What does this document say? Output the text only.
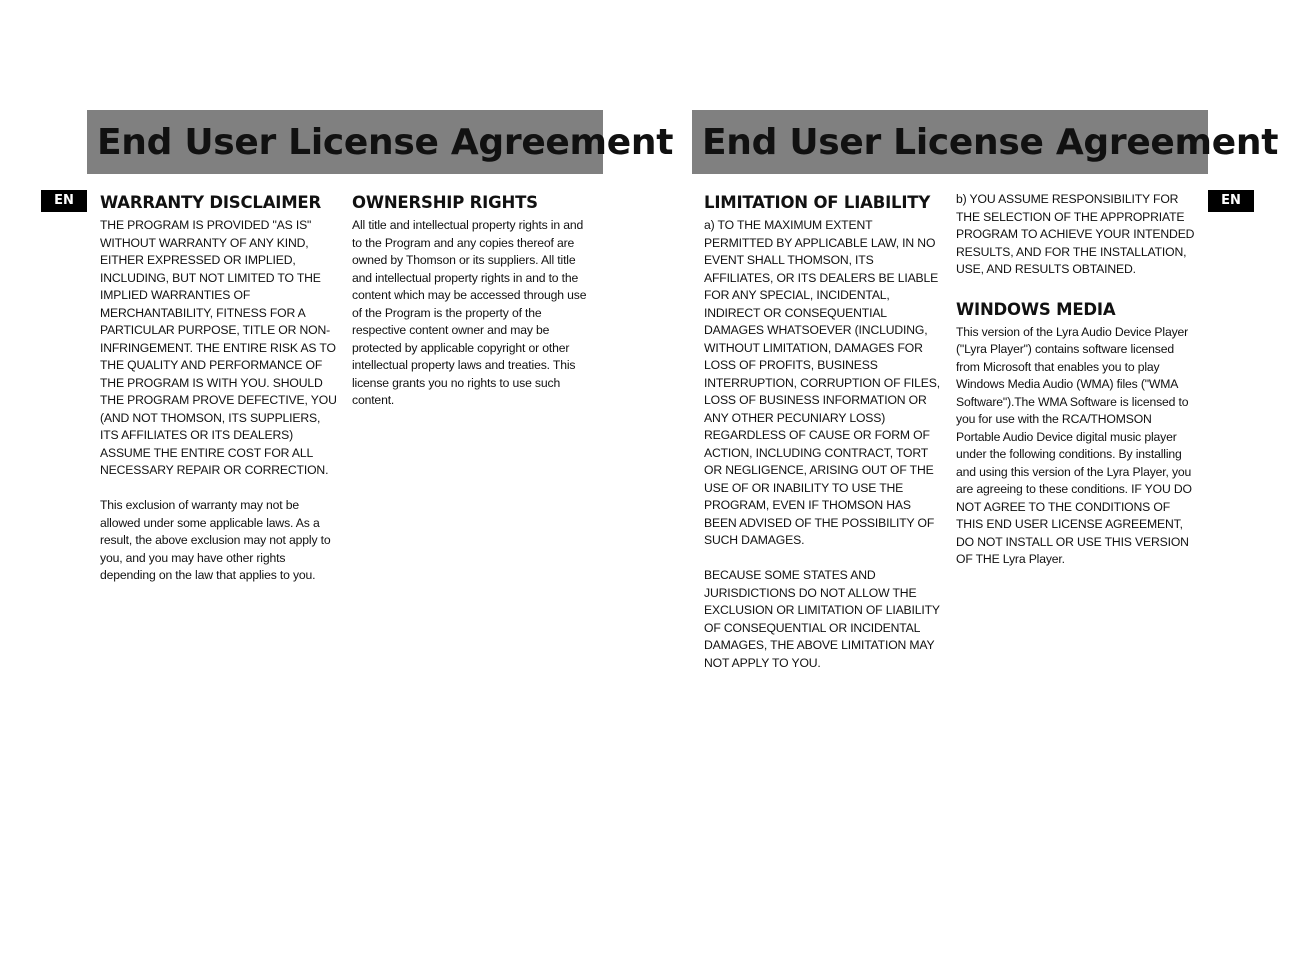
End User License Agreement End User License Agreement
EN	EN
WARRANTY DISCLAIMER

THE PROGRAM IS PROVIDED "AS IS" WITHOUT WARRANTY OF ANY KIND, EITHER EXPRESSED OR IMPLIED, INCLUDING, BUT NOT LIMITED TO THE IMPLIED WARRANTIES OF MERCHANTABILITY, FITNESS FOR A PARTICULAR PURPOSE, TITLE OR NON-INFRINGEMENT. THE ENTIRE RISK AS TO THE QUALITY AND PERFORMANCE OF THE PROGRAM IS WITH YOU. SHOULD THE PROGRAM PROVE DEFECTIVE, YOU (AND NOT THOMSON, ITS SUPPLIERS, ITS AFFILIATES OR ITS DEALERS) ASSUME THE ENTIRE COST FOR ALL NECESSARY REPAIR OR CORRECTION.

This exclusion of warranty may not be allowed under some applicable laws. As a result, the above exclusion may not apply to you, and you may have other rights depending on the law that applies to you.

OWNERSHIP RIGHTS

All title and intellectual property rights in and to the Program and any copies thereof are owned by Thomson or its suppliers. All title and intellectual property rights in and to the content which may be accessed through use of the Program is the property of the respective content owner and may be protected by applicable copyright or other intellectual property laws and treaties. This license grants you no rights to use such content.

LIMITATION OF LIABILITY

a) TO THE MAXIMUM EXTENT PERMITTED BY APPLICABLE LAW, IN NO EVENT SHALL THOMSON, ITS AFFILIATES, OR ITS DEALERS BE LIABLE FOR ANY SPECIAL, INCIDENTAL, INDIRECT OR CONSEQUENTIAL DAMAGES WHATSOEVER (INCLUDING, WITHOUT LIMITATION, DAMAGES FOR LOSS OF PROFITS, BUSINESS INTERRUPTION, CORRUPTION OF FILES, LOSS OF BUSINESS INFORMATION OR ANY OTHER PECUNIARY LOSS) REGARDLESS OF CAUSE OR FORM OF ACTION, INCLUDING CONTRACT, TORT OR NEGLIGENCE, ARISING OUT OF THE USE OF OR INABILITY TO USE THE PROGRAM, EVEN IF THOMSON HAS BEEN ADVISED OF THE POSSIBILITY OF SUCH DAMAGES.

BECAUSE SOME STATES AND JURISDICTIONS DO NOT ALLOW THE EXCLUSION OR LIMITATION OF LIABILITY OF CONSEQUENTIAL OR INCIDENTAL DAMAGES, THE ABOVE LIMITATION MAY NOT APPLY TO YOU.

b) YOU ASSUME RESPONSIBILITY FOR THE SELECTION OF THE APPROPRIATE PROGRAM TO ACHIEVE YOUR INTENDED RESULTS, AND FOR THE INSTALLATION, USE, AND RESULTS OBTAINED.

WINDOWS MEDIA

This version of the Lyra Audio Device Player ("Lyra Player") contains software licensed from Microsoft that enables you to play Windows Media Audio (WMA) files ("WMA Software").The WMA Software is licensed to you for use with the RCA/THOMSON Portable Audio Device digital music player under the following conditions. By installing and using this version of the Lyra Player, you are agreeing to these conditions. IF YOU DO NOT AGREE TO THE CONDITIONS OF THIS END USER LICENSE AGREEMENT, DO NOT INSTALL OR USE THIS VERSION OF THE Lyra Player.
